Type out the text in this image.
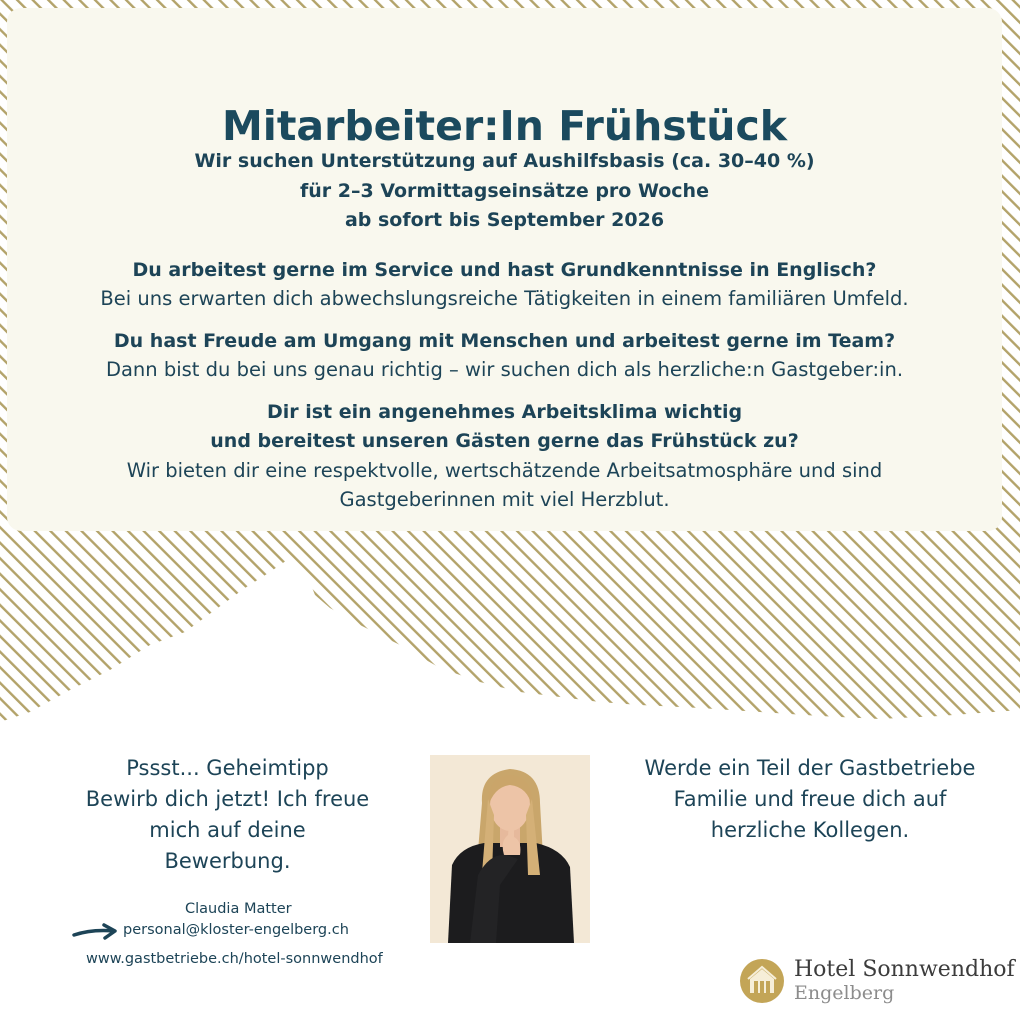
Mitarbeiter:In Frühstück
Wir suchen Unterstützung auf Aushilfsbasis (ca. 30–40 %)
für 2–3 Vormittagseinsätze pro Woche
ab sofort bis September 2026
Du arbeitest gerne im Service und hast Grundkenntnisse in Englisch?
Bei uns erwarten dich abwechslungsreiche Tätigkeiten in einem familiären Umfeld.
Du hast Freude am Umgang mit Menschen und arbeitest gerne im Team?
Dann bist du bei uns genau richtig – wir suchen dich als herzliche:n Gastgeber:in.
Dir ist ein angenehmes Arbeitsklima wichtig
und bereitest unseren Gästen gerne das Frühstück zu?
Wir bieten dir eine respektvolle, wertschätzende Arbeitsatmosphäre und sind
Gastgeberinnen mit viel Herzblut.
Pssst... Geheimtipp
Bewirb dich jetzt! Ich freue
mich auf deine
Bewerbung.
Claudia Matter
personal@kloster-engelberg.ch
www.gastbetriebe.ch/hotel-sonnwendhof
Werde ein Teil der Gastbetriebe
Familie und freue dich auf
herzliche Kollegen.
Hotel Sonnwendhof
Engelberg
